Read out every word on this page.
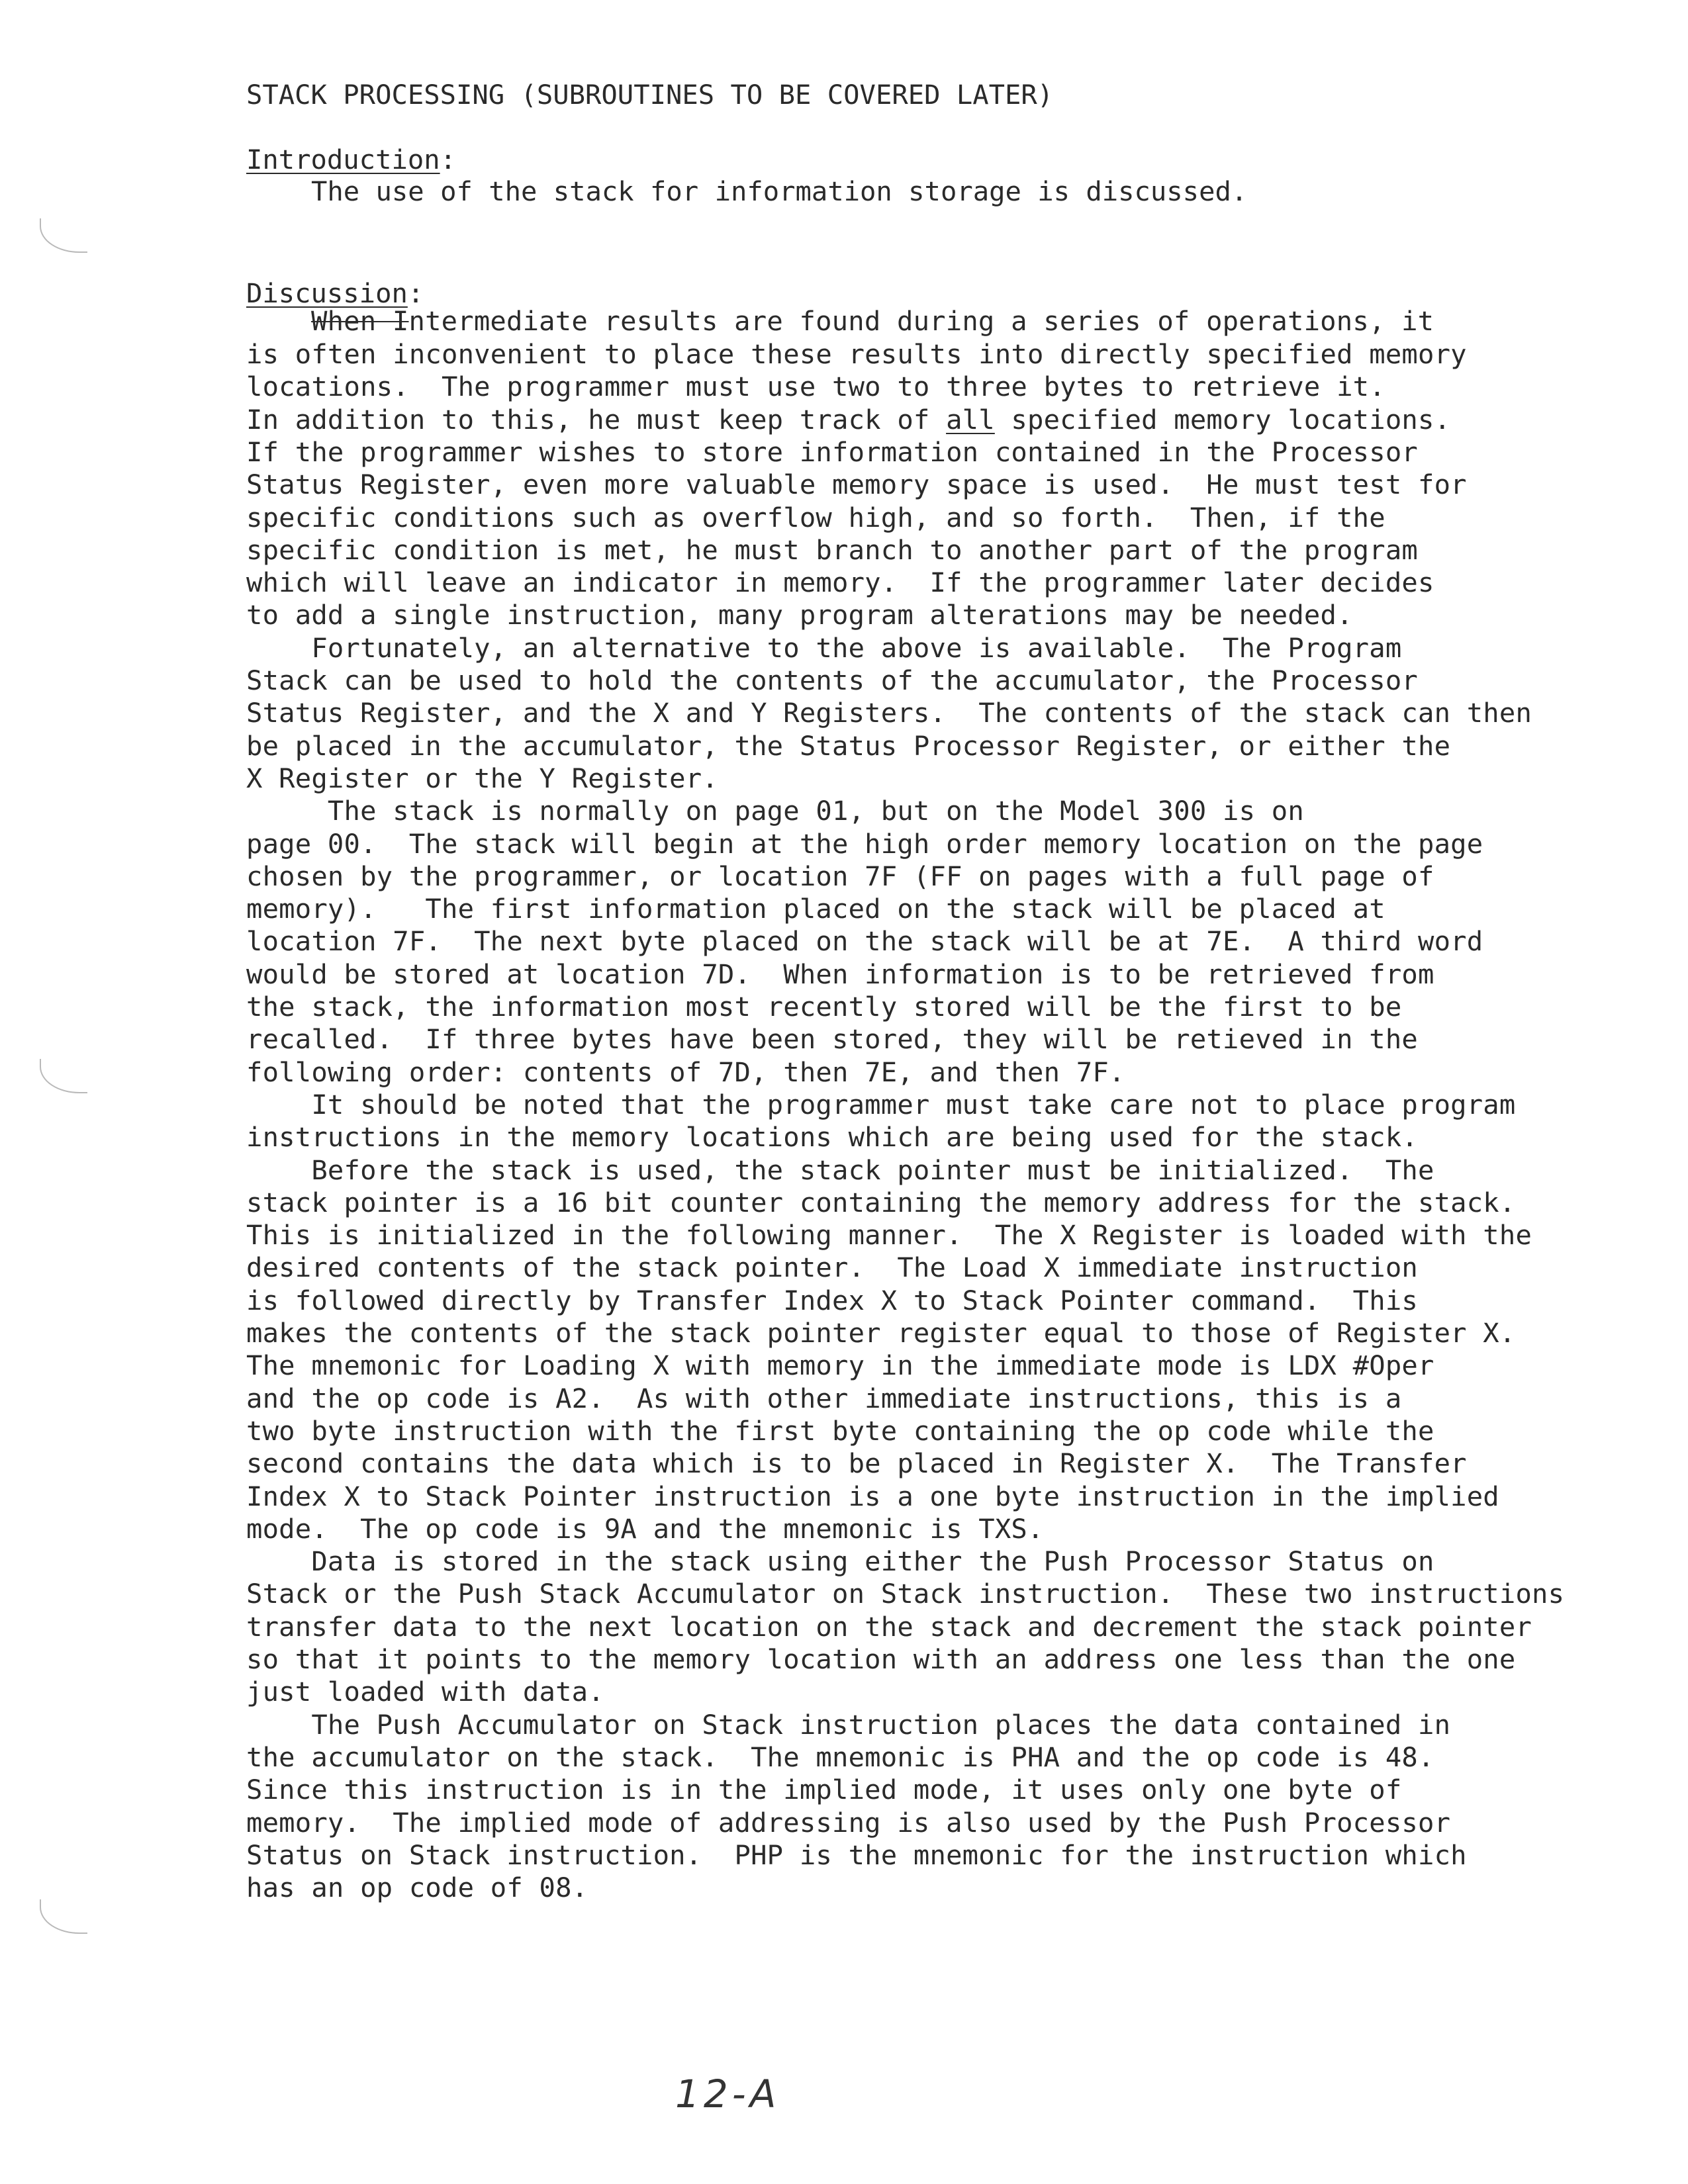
STACK PROCESSING (SUBROUTINES TO BE COVERED LATER)
Introduction:
The use of the stack for information storage is discussed.
Discussion:
When Intermediate results are found during a series of operations, it
is often inconvenient to place these results into directly specified memory
locations.  The programmer must use two to three bytes to retrieve it.
In addition to this, he must keep track of all specified memory locations.
If the programmer wishes to store information contained in the Processor
Status Register, even more valuable memory space is used.  He must test for
specific conditions such as overflow high, and so forth.  Then, if the
specific condition is met, he must branch to another part of the program
which will leave an indicator in memory.  If the programmer later decides
to add a single instruction, many program alterations may be needed.
Fortunately, an alternative to the above is available.  The Program
Stack can be used to hold the contents of the accumulator, the Processor
Status Register, and the X and Y Registers.  The contents of the stack can then
be placed in the accumulator, the Status Processor Register, or either the
X Register or the Y Register.
The stack is normally on page 01, but on the Model 300 is on
page 00.  The stack will begin at the high order memory location on the page
chosen by the programmer, or location 7F (FF on pages with a full page of
memory).   The first information placed on the stack will be placed at
location 7F.  The next byte placed on the stack will be at 7E.  A third word
would be stored at location 7D.  When information is to be retrieved from
the stack, the information most recently stored will be the first to be
recalled.  If three bytes have been stored, they will be retieved in the
following order: contents of 7D, then 7E, and then 7F.
It should be noted that the programmer must take care not to place program
instructions in the memory locations which are being used for the stack.
Before the stack is used, the stack pointer must be initialized.  The
stack pointer is a 16 bit counter containing the memory address for the stack.
This is initialized in the following manner.  The X Register is loaded with the
desired contents of the stack pointer.  The Load X immediate instruction
is followed directly by Transfer Index X to Stack Pointer command.  This
makes the contents of the stack pointer register equal to those of Register X.
The mnemonic for Loading X with memory in the immediate mode is LDX #Oper
and the op code is A2.  As with other immediate instructions, this is a
two byte instruction with the first byte containing the op code while the
second contains the data which is to be placed in Register X.  The Transfer
Index X to Stack Pointer instruction is a one byte instruction in the implied
mode.  The op code is 9A and the mnemonic is TXS.
Data is stored in the stack using either the Push Processor Status on
Stack or the Push Stack Accumulator on Stack instruction.  These two instructions
transfer data to the next location on the stack and decrement the stack pointer
so that it points to the memory location with an address one less than the one
just loaded with data.
The Push Accumulator on Stack instruction places the data contained in
the accumulator on the stack.  The mnemonic is PHA and the op code is 48.
Since this instruction is in the implied mode, it uses only one byte of
memory.  The implied mode of addressing is also used by the Push Processor
Status on Stack instruction.  PHP is the mnemonic for the instruction which
has an op code of 08.
12-A
